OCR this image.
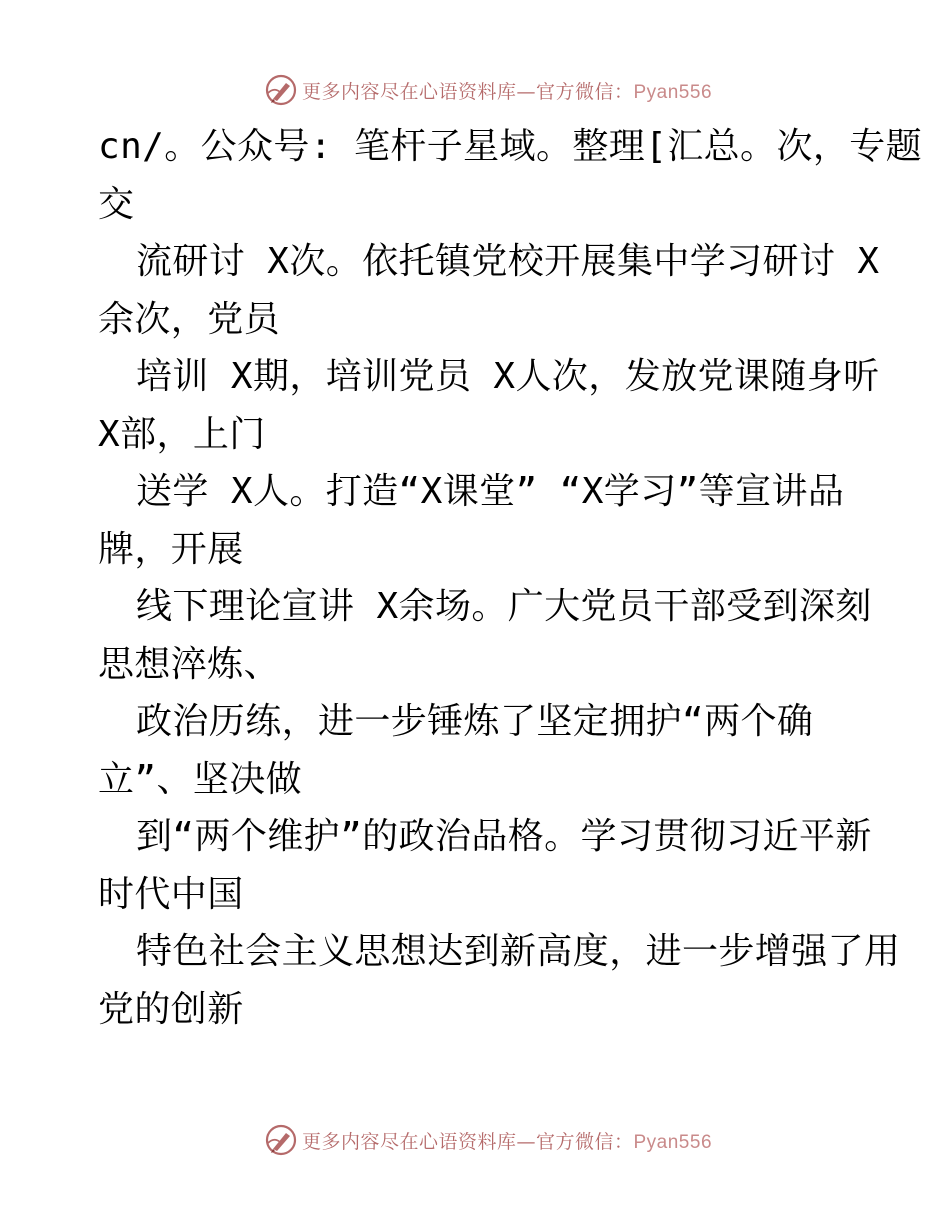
更多内容尽在心语资料库—官方微信：Pyan556
cn/。公众号: 笔杆子星域。整理[汇总。次，专题
交
流研讨 X次。依托镇党校开展集中学习研讨 X
余次，党员
培训 X期，培训党员 X人次，发放党课随身听
X部，上门
送学 X人。打造“X课堂” “X学习”等宣讲品
牌，开展
线下理论宣讲 X余场。广大党员干部受到深刻
思想淬炼、
政治历练，进一步锤炼了坚定拥护“两个确
立”、坚决做
到“两个维护”的政治品格。学习贯彻习近平新
时代中国
特色社会主义思想达到新高度，进一步增强了用
党的创新
更多内容尽在心语资料库—官方微信：Pyan556
